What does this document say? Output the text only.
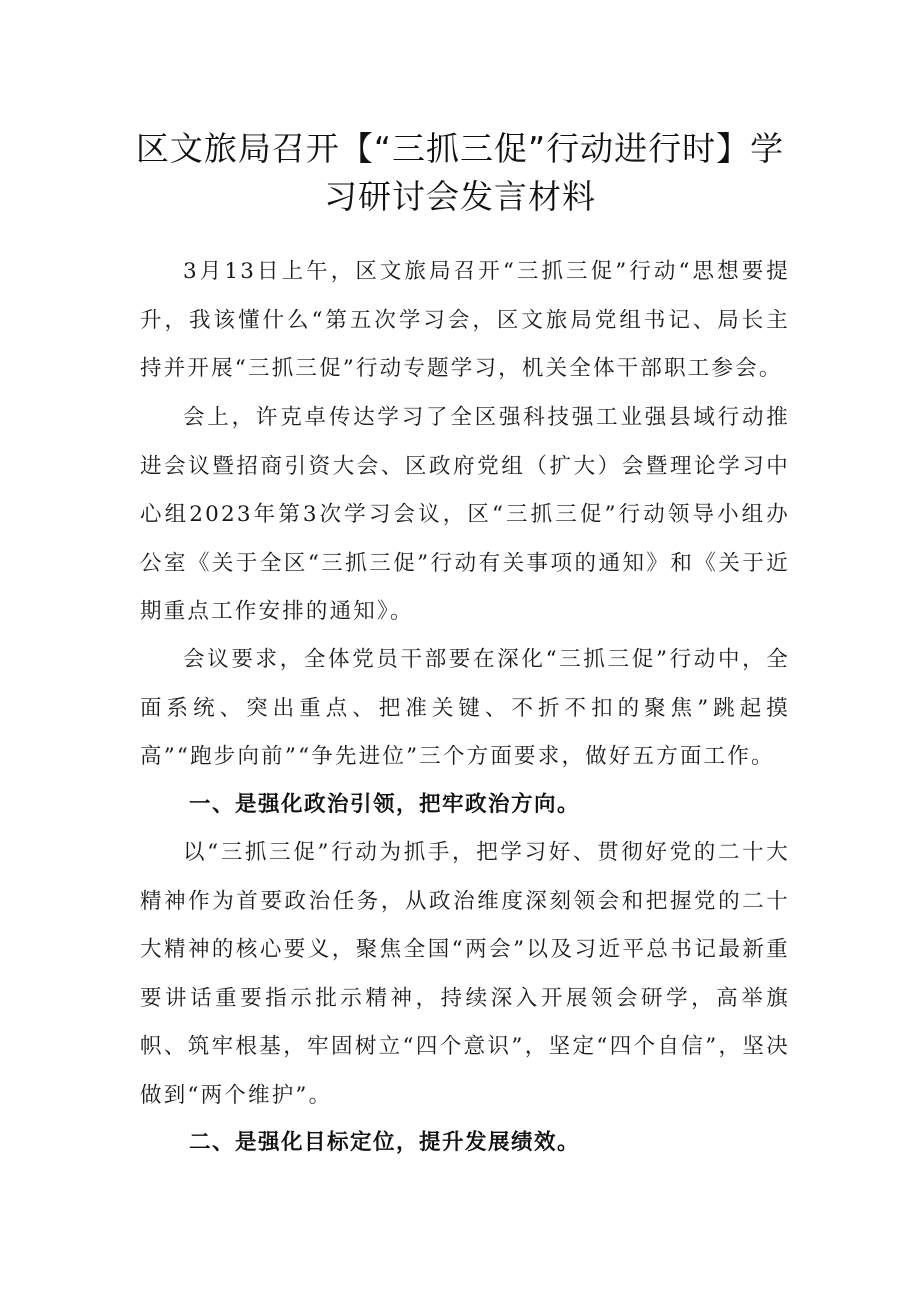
区文旅局召开【“三抓三促”行动进行时】学
习研讨会发言材料

3月13日上午，区文旅局召开“三抓三促”行动“思想要提升，我该懂什么“第五次学习会，区文旅局党组书记、局长主持并开展“三抓三促”行动专题学习，机关全体干部职工参会。

会上，许克卓传达学习了全区强科技强工业强县域行动推进会议暨招商引资大会、区政府党组（扩大）会暨理论学习中心组2023年第3次学习会议，区“三抓三促”行动领导小组办公室《关于全区“三抓三促”行动有关事项的通知》和《关于近期重点工作安排的通知》。

会议要求，全体党员干部要在深化“三抓三促”行动中，全面系统、突出重点、把准关键、不折不扣的聚焦”跳起摸高”“跑步向前”“争先进位”三个方面要求，做好五方面工作。

一、是强化政治引领，把牢政治方向。

以“三抓三促”行动为抓手，把学习好、贯彻好党的二十大精神作为首要政治任务，从政治维度深刻领会和把握党的二十大精神的核心要义，聚焦全国“两会”以及习近平总书记最新重要讲话重要指示批示精神，持续深入开展领会研学，高举旗帜、筑牢根基，牢固树立“四个意识”，坚定“四个自信”，坚决做到“两个维护”。

二、是强化目标定位，提升发展绩效。
